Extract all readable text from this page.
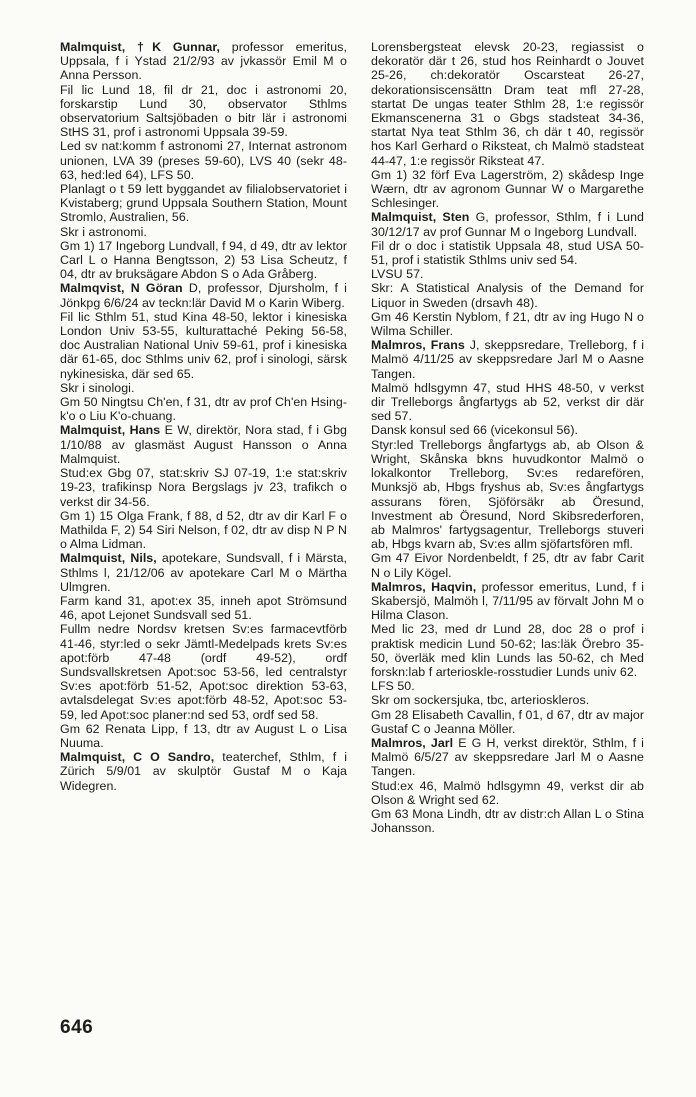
Malmquist, †K Gunnar, professor emeritus, Uppsala, f i Ystad 21/2/93 av jvkassör Emil M o Anna Persson.

Fil lic Lund 18, fil dr 21, doc i astronomi 20, forskarstip Lund 30, observator Sthlms observatorium Saltsjöbaden o bitr lär i astronomi StHS 31, prof i astronomi Uppsala 39-59.

Led sv nat:komm f astronomi 27, Internat astronom unionen, LVA 39 (preses 59-60), LVS 40 (sekr 48-63, hed:led 64), LFS 50.

Planlagt o t 59 lett byggandet av filialobservatoriet i Kvistaberg; grund Uppsala Southern Station, Mount Stromlo, Australien, 56.

Skr i astronomi.

Gm 1) 17 Ingeborg Lundvall, f 94, d 49, dtr av lektor Carl L o Hanna Bengtsson, 2) 53 Lisa Scheutz, f 04, dtr av bruksägare Abdon S o Ada Gråberg.

Malmqvist, N Göran D, professor, Djursholm, f i Jönkpg 6/6/24 av teckn:lär David M o Karin Wiberg.

Fil lic Sthlm 51, stud Kina 48-50, lektor i kinesiska London Univ 53-55, kulturattaché Peking 56-58, doc Australian National Univ 59-61, prof i kinesiska där 61-65, doc Sthlms univ 62, prof i sinologi, särsk nykinesiska, där sed 65.

Skr i sinologi.

Gm 50 Ningtsu Ch'en, f 31, dtr av prof Ch'en Hsing-k'o o Liu K'o-chuang.

Malmquist, Hans E W, direktör, Nora stad, f i Gbg 1/10/88 av glasmäst August Hansson o Anna Malmquist.

Stud:ex Gbg 07, stat:skriv SJ 07-19, 1:e stat:skriv 19-23, trafikinsp Nora Bergslags jv 23, trafikch o verkst dir 34-56.

Gm 1) 15 Olga Frank, f 88, d 52, dtr av dir Karl F o Mathilda F, 2) 54 Siri Nelson, f 02, dtr av disp N P N o Alma Lidman.

Malmquist, Nils, apotekare, Sundsvall, f i Märsta, Sthlms l, 21/12/06 av apotekare Carl M o Märtha Ulmgren.

Farm kand 31, apot:ex 35, inneh apot Strömsund 46, apot Lejonet Sundsvall sed 51.

Fullm nedre Nordsv kretsen Sv:es farmacevtförb 41-46, styr:led o sekr Jämtl-Medelpads krets Sv:es apot:förb 47-48 (ordf 49-52), ordf Sundsvallskretsen Apot:soc 53-56, led centralstyr Sv:es apot:förb 51-52, Apot:soc direktion 53-63, avtalsdelegat Sv:es apot:förb 48-52, Apot:soc 53-59, led Apot:soc planer:nd sed 53, ordf sed 58.

Gm 62 Renata Lipp, f 13, dtr av August L o Lisa Nuuma.

Malmquist, C O Sandro, teaterchef, Sthlm, f i Zürich 5/9/01 av skulptör Gustaf M o Kaja Widegren.

Lorensbergsteat elevsk 20-23, regiassist o dekoratör där t 26, stud hos Reinhardt o Jouvet 25-26, ch:dekoratör Oscarsteat 26-27, dekorationsiscensättn Dram teat mfl 27-28, startat De ungas teater Sthlm 28, 1:e regissör Ekmanscenerna 31 o Gbgs stadsteat 34-36, startat Nya teat Sthlm 36, ch där t 40, regissör hos Karl Gerhard o Riksteat, ch Malmö stadsteat 44-47, 1:e regissör Riksteat 47.

Gm 1) 32 förf Eva Lagerström, 2) skådesp Inge Wærn, dtr av agronom Gunnar W o Margarethe Schlesinger.

Malmquist, Sten G, professor, Sthlm, f i Lund 30/12/17 av prof Gunnar M o Ingeborg Lundvall.

Fil dr o doc i statistik Uppsala 48, stud USA 50-51, prof i statistik Sthlms univ sed 54.

LVSU 57.

Skr: A Statistical Analysis of the Demand for Liquor in Sweden (drsavh 48).

Gm 46 Kerstin Nyblom, f 21, dtr av ing Hugo N o Wilma Schiller.

Malmros, Frans J, skeppsredare, Trelleborg, f i Malmö 4/11/25 av skeppsredare Jarl M o Aasne Tangen.

Malmö hdlsgymn 47, stud HHS 48-50, v verkst dir Trelleborgs ångfartygs ab 52, verkst dir där sed 57.

Dansk konsul sed 66 (vicekonsul 56).

Styr:led Trelleborgs ångfartygs ab, ab Olson & Wright, Skånska bkns huvudkontor Malmö o lokalkontor Trelleborg, Sv:es redarefören, Munksjö ab, Hbgs fryshus ab, Sv:es ångfartygs assurans fören, Sjöförsäkr ab Öresund, Investment ab Öresund, Nord Skibsrederforen, ab Malmros' fartygsagentur, Trelleborgs stuveri ab, Hbgs kvarn ab, Sv:es allm sjöfartsfören mfl.

Gm 47 Eivor Nordenbeldt, f 25, dtr av fabr Carit N o Lily Kögel.

Malmros, Haqvin, professor emeritus, Lund, f i Skabersjö, Malmöh l, 7/11/95 av förvalt John M o Hilma Clason.

Med lic 23, med dr Lund 28, doc 28 o prof i praktisk medicin Lund 50-62; las:läk Örebro 35-50, överläk med klin Lunds las 50-62, ch Med forskn:lab f arterioskle-rosstudier Lunds univ 62.

LFS 50.

Skr om sockersjuka, tbc, arterioskleros.

Gm 28 Elisabeth Cavallin, f 01, d 67, dtr av major Gustaf C o Jeanna Möller.

Malmros, Jarl E G H, verkst direktör, Sthlm, f i Malmö 6/5/27 av skeppsredare Jarl M o Aasne Tangen.

Stud:ex 46, Malmö hdlsgymn 49, verkst dir ab Olson & Wright sed 62.

Gm 63 Mona Lindh, dtr av distr:ch Allan L o Stina Johansson.

646
